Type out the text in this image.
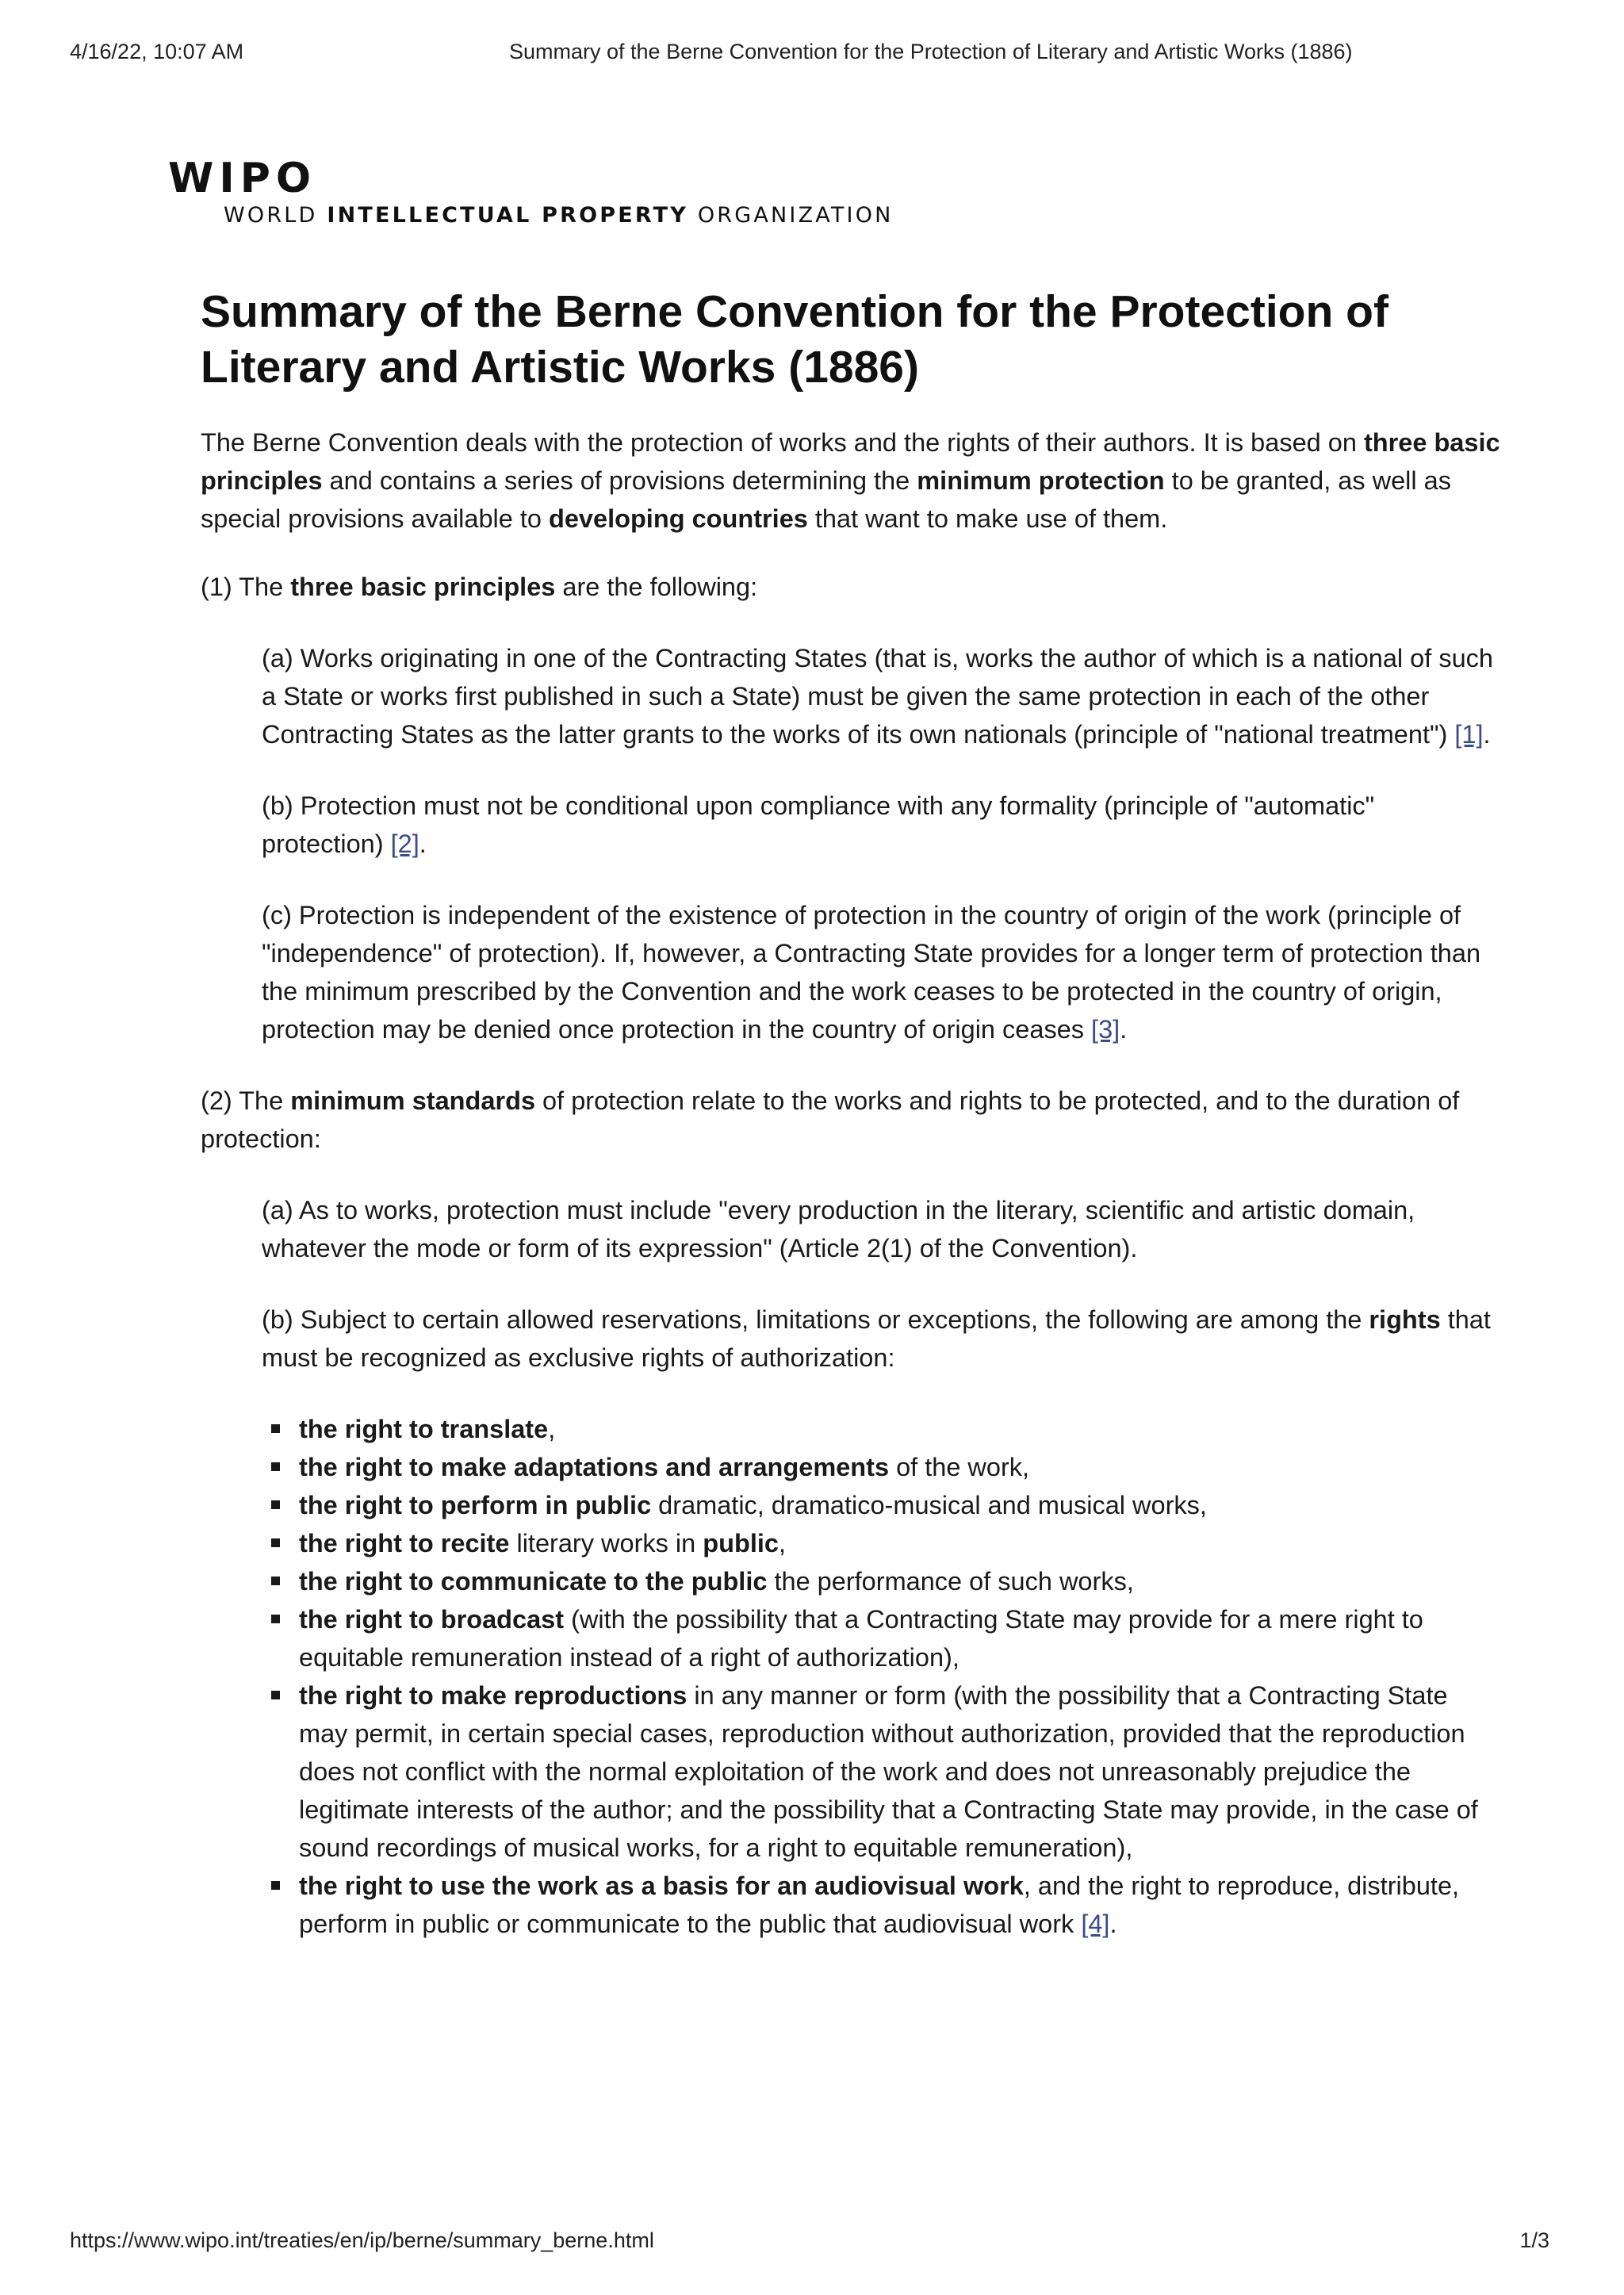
4/16/22, 10:07 AM	Summary of the Berne Convention for the Protection of Literary and Artistic Works (1886)
WIPO
WORLD INTELLECTUAL PROPERTY ORGANIZATION
Summary of the Berne Convention for the Protection of Literary and Artistic Works (1886)

The Berne Convention deals with the protection of works and the rights of their authors. It is based on three basic principles and contains a series of provisions determining the minimum protection to be granted, as well as special provisions available to developing countries that want to make use of them.

(1) The three basic principles are the following:

(a) Works originating in one of the Contracting States (that is, works the author of which is a national of such a State or works first published in such a State) must be given the same protection in each of the other Contracting States as the latter grants to the works of its own nationals (principle of "national treatment") [1].

(b) Protection must not be conditional upon compliance with any formality (principle of "automatic" protection) [2].

(c) Protection is independent of the existence of protection in the country of origin of the work (principle of "independence" of protection). If, however, a Contracting State provides for a longer term of protection than the minimum prescribed by the Convention and the work ceases to be protected in the country of origin, protection may be denied once protection in the country of origin ceases [3].

(2) The minimum standards of protection relate to the works and rights to be protected, and to the duration of protection:

(a) As to works, protection must include "every production in the literary, scientific and artistic domain, whatever the mode or form of its expression" (Article 2(1) of the Convention).

(b) Subject to certain allowed reservations, limitations or exceptions, the following are among the rights that must be recognized as exclusive rights of authorization:

the right to translate,
the right to make adaptations and arrangements of the work,
the right to perform in public dramatic, dramatico-musical and musical works,
the right to recite literary works in public,
the right to communicate to the public the performance of such works,
the right to broadcast (with the possibility that a Contracting State may provide for a mere right to equitable remuneration instead of a right of authorization),
the right to make reproductions in any manner or form (with the possibility that a Contracting State may permit, in certain special cases, reproduction without authorization, provided that the reproduction does not conflict with the normal exploitation of the work and does not unreasonably prejudice the legitimate interests of the author; and the possibility that a Contracting State may provide, in the case of sound recordings of musical works, for a right to equitable remuneration),
the right to use the work as a basis for an audiovisual work, and the right to reproduce, distribute, perform in public or communicate to the public that audiovisual work [4].
https://www.wipo.int/treaties/en/ip/berne/summary_berne.html	1/3
